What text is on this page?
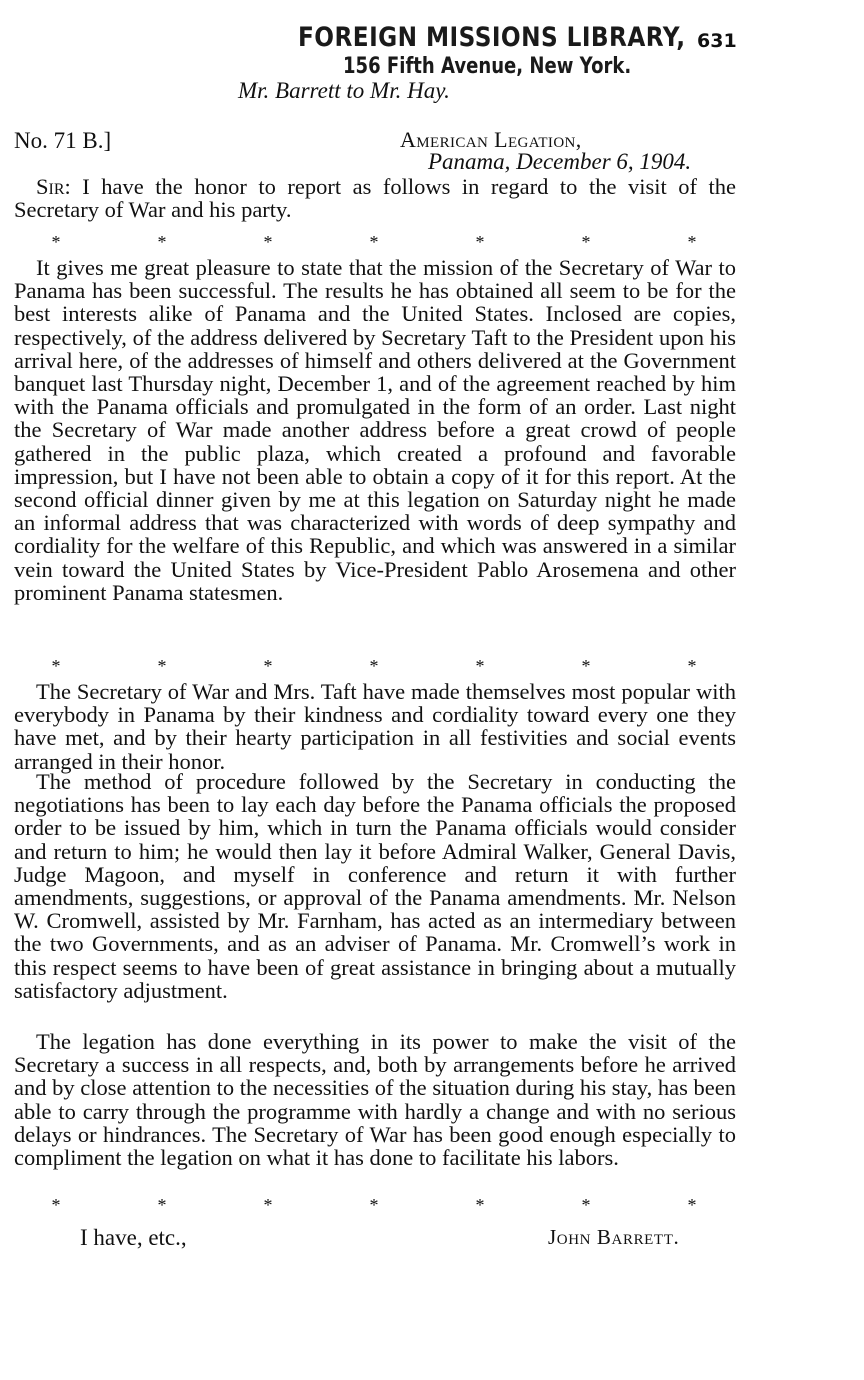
FOREIGN MISSIONS LIBRARY,
156 Fifth Avenue, New York.
631
Mr. Barrett to Mr. Hay.
No. 71 B.]	American Legation,
Panama, December 6, 1904.

Sir: I have the honor to report as follows in regard to the visit of the Secretary of War and his party.

*	*	*	*	*	*	*

It gives me great pleasure to state that the mission of the Secretary of War to Panama has been successful. The results he has obtained all seem to be for the best interests alike of Panama and the United States. Inclosed are copies, respectively, of the address delivered by Secretary Taft to the President upon his arrival here, of the addresses of himself and others delivered at the Government banquet last Thursday night, December 1, and of the agreement reached by him with the Panama officials and promulgated in the form of an order. Last night the Secretary of War made another address before a great crowd of people gathered in the public plaza, which created a profound and favorable impression, but I have not been able to obtain a copy of it for this report. At the second official dinner given by me at this legation on Saturday night he made an informal address that was characterized with words of deep sympathy and cordiality for the welfare of this Republic, and which was answered in a similar vein toward the United States by Vice-President Pablo Arosemena and other prominent Panama statesmen.

*	*	*	*	*	*	*

The Secretary of War and Mrs. Taft have made themselves most popular with everybody in Panama by their kindness and cordiality toward every one they have met, and by their hearty participation in all festivities and social events arranged in their honor.

The method of procedure followed by the Secretary in conducting the negotiations has been to lay each day before the Panama officials the proposed order to be issued by him, which in turn the Panama officials would consider and return to him; he would then lay it before Admiral Walker, General Davis, Judge Magoon, and myself in conference and return it with further amendments, suggestions, or approval of the Panama amendments. Mr. Nelson W. Cromwell, assisted by Mr. Farnham, has acted as an intermediary between the two Governments, and as an adviser of Panama. Mr. Cromwell’s work in this respect seems to have been of great assistance in bringing about a mutually satisfactory adjustment.

The legation has done everything in its power to make the visit of the Secretary a success in all respects, and, both by arrangements before he arrived and by close attention to the necessities of the situation during his stay, has been able to carry through the programme with hardly a change and with no serious delays or hindrances. The Secretary of War has been good enough especially to compliment the legation on what it has done to facilitate his labors.

*	*	*	*	*	*	*
I have, etc.,	John Barrett.
